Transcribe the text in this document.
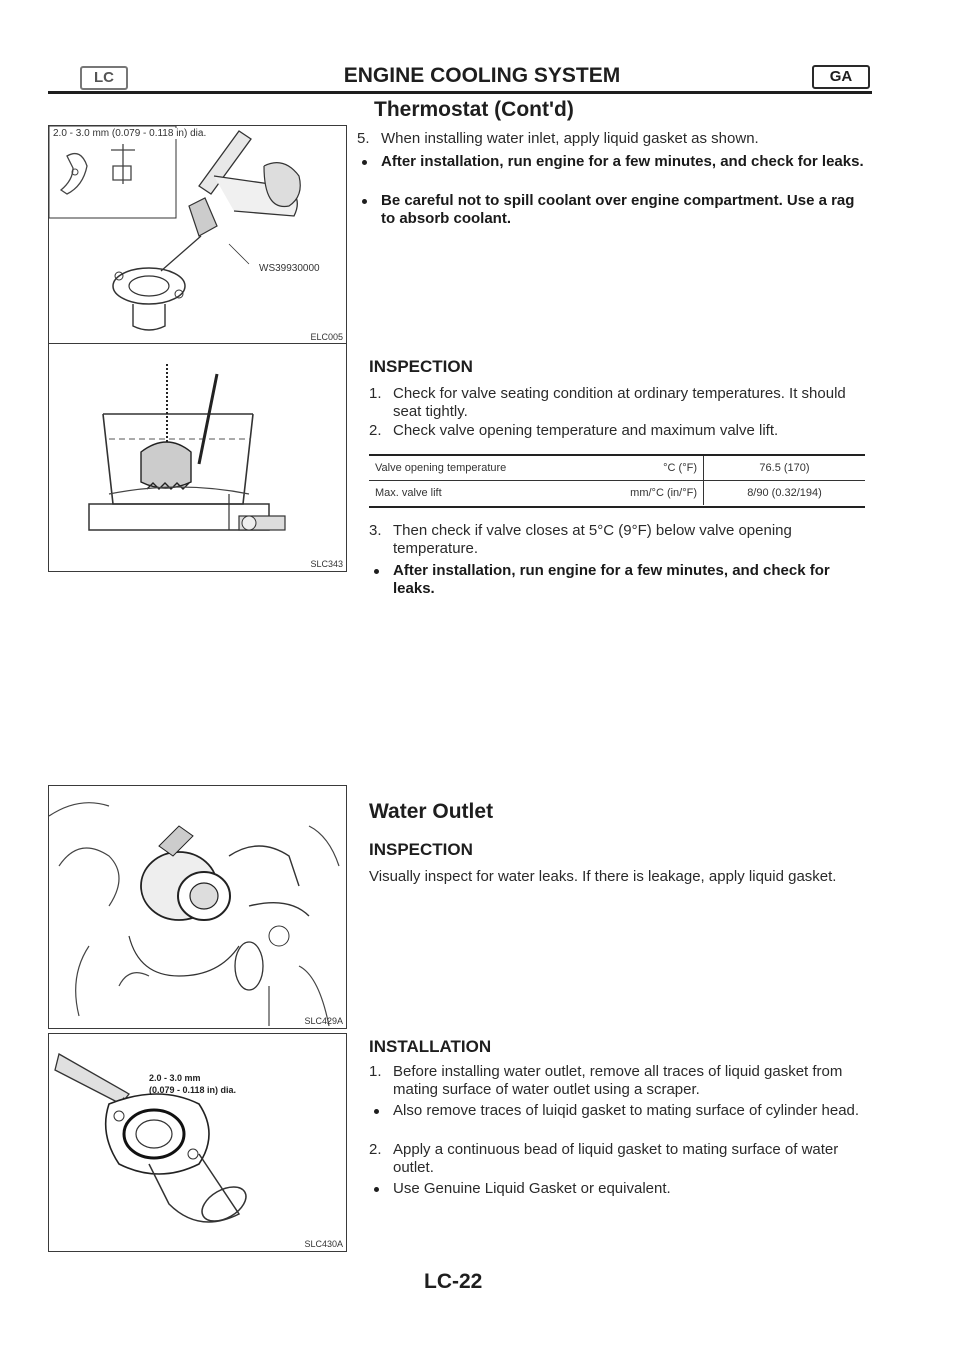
LC	ENGINE COOLING SYSTEM	GA
Thermostat (Cont'd)
2.0 - 3.0 mm (0.079 - 0.118 in) dia.
WS39930000
ELC005
SLC343
5. When installing water inlet, apply liquid gasket as shown.
After installation, run engine for a few minutes, and check for leaks.
Be careful not to spill coolant over engine compartment. Use a rag to absorb coolant.
INSPECTION
1. Check for valve seating condition at ordinary temperatures. It should seat tightly.
2. Check valve opening temperature and maximum valve lift.
Valve opening temperature	°C (°F)	76.5 (170)
Max. valve lift	mm/°C (in/°F)	8/90 (0.32/194)
3. Then check if valve closes at 5°C (9°F) below valve opening temperature.
After installation, run engine for a few minutes, and check for leaks.
SLC429A
Water Outlet
INSPECTION
Visually inspect for water leaks. If there is leakage, apply liquid gasket.
2.0 - 3.0 mm
(0.079 - 0.118 in) dia.
SLC430A
INSTALLATION
1. Before installing water outlet, remove all traces of liquid gasket from mating surface of water outlet using a scraper.
Also remove traces of luiqid gasket to mating surface of cylinder head.
2. Apply a continuous bead of liquid gasket to mating surface of water outlet.
Use Genuine Liquid Gasket or equivalent.
LC-22
